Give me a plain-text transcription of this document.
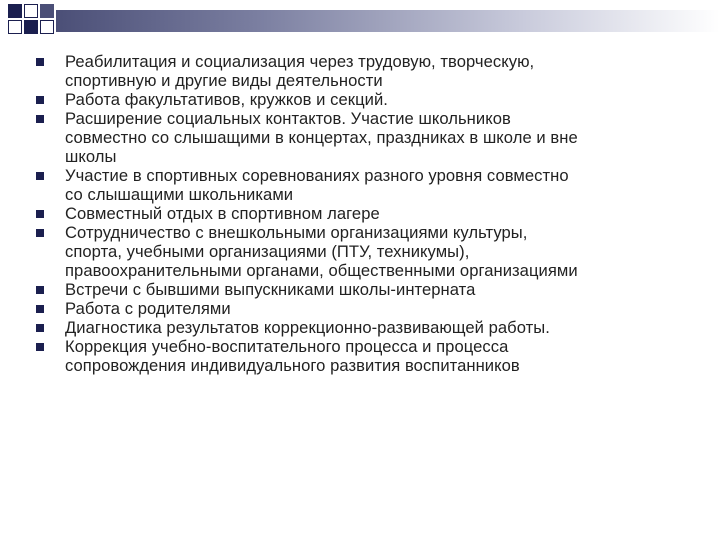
Реабилитация и социализация через трудовую, творческую,
спортивную и другие виды деятельности
Работа факультативов, кружков и секций.
Расширение социальных контактов. Участие школьников
совместно со слышащими в концертах, праздниках в школе и вне
школы
Участие в спортивных соревнованиях разного уровня совместно
со слышащими школьниками
Совместный отдых в спортивном лагере
Сотрудничество с внешкольными организациями культуры,
спорта, учебными организациями (ПТУ, техникумы),
правоохранительными органами, общественными организациями
Встречи с бывшими выпускниками школы-интерната
Работа с родителями
Диагностика результатов коррекционно-развивающей работы.
Коррекция учебно-воспитательного процесса и процесса
сопровождения индивидуального развития воспитанников
